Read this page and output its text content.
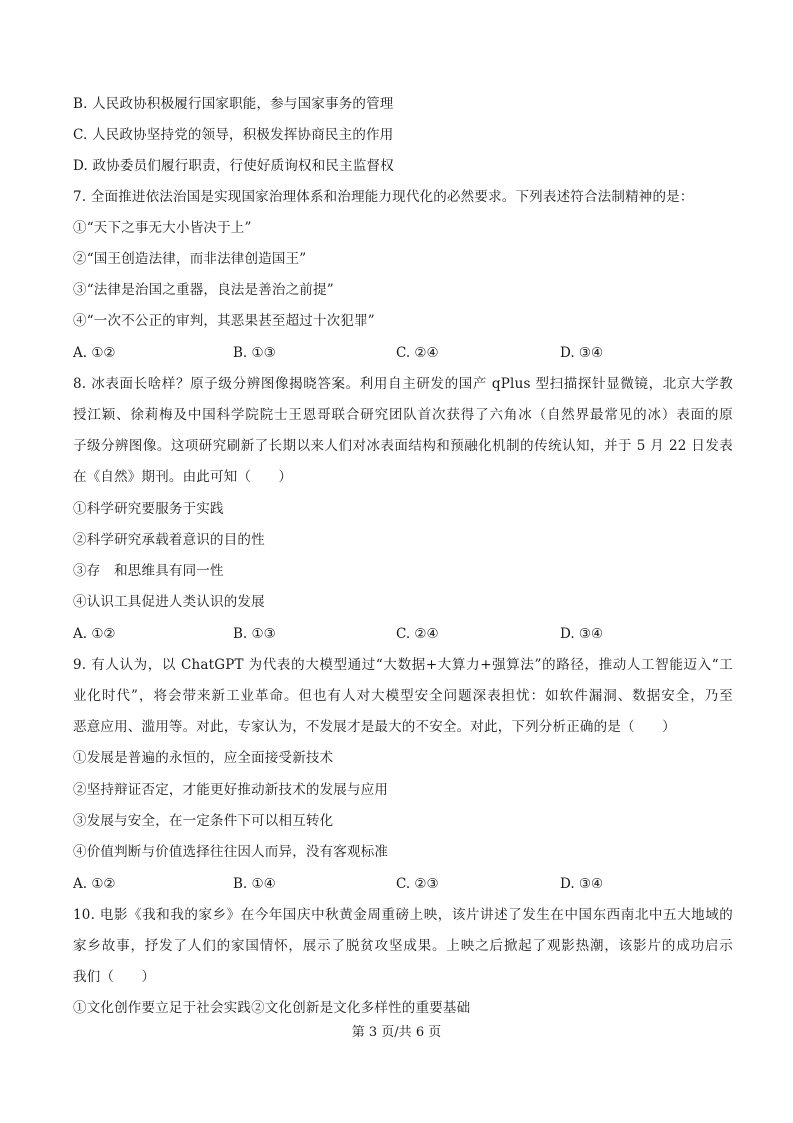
B. 人民政协积极履行国家职能，参与国家事务的管理
C. 人民政协坚持党的领导，积极发挥协商民主的作用
D. 政协委员们履行职责，行使好质询权和民主监督权
7. 全面推进依法治国是实现国家治理体系和治理能力现代化的必然要求。下列表述符合法制精神的是：
①“天下之事无大小皆决于上”
②“国王创造法律，而非法律创造国王”
③“法律是治国之重器，良法是善治之前提”
④“一次不公正的审判，其恶果甚至超过十次犯罪”
A. ①②	B. ①③	C. ②④	D. ③④
8. 冰表面长啥样？原子级分辨图像揭晓答案。利用自主研发的国产 qPlus 型扫描探针显微镜，北京大学教
授江颖、徐莉梅及中国科学院院士王恩哥联合研究团队首次获得了六角冰（自然界最常见的冰）表面的原
子级分辨图像。这项研究刷新了长期以来人们对冰表面结构和预融化机制的传统认知，并于 5 月 22 日发表
在《自然》期刊。由此可知（　　）
①科学研究要服务于实践
②科学研究承载着意识的目的性
③存　和思维具有同一性
④认识工具促进人类认识的发展
A. ①②	B. ①③	C. ②④	D. ③④
9. 有人认为，以 ChatGPT 为代表的大模型通过“大数据+大算力+强算法”的路径，推动人工智能迈入“工
业化时代”，将会带来新工业革命。但也有人对大模型安全问题深表担忧：如软件漏洞、数据安全，乃至
恶意应用、滥用等。对此，专家认为，不发展才是最大的不安全。对此，下列分析正确的是（　　）
①发展是普遍的永恒的，应全面接受新技术
②坚持辩证否定，才能更好推动新技术的发展与应用
③发展与安全，在一定条件下可以相互转化
④价值判断与价值选择往往因人而异，没有客观标准
A. ①②	B. ①④	C. ②③	D. ③④
10. 电影《我和我的家乡》在今年国庆中秋黄金周重磅上映，该片讲述了发生在中国东西南北中五大地域的
家乡故事，抒发了人们的家国情怀，展示了脱贫攻坚成果。上映之后掀起了观影热潮，该影片的成功启示
我们（　　）
①文化创作要立足于社会实践②文化创新是文化多样性的重要基础
第 3 页/共 6 页
